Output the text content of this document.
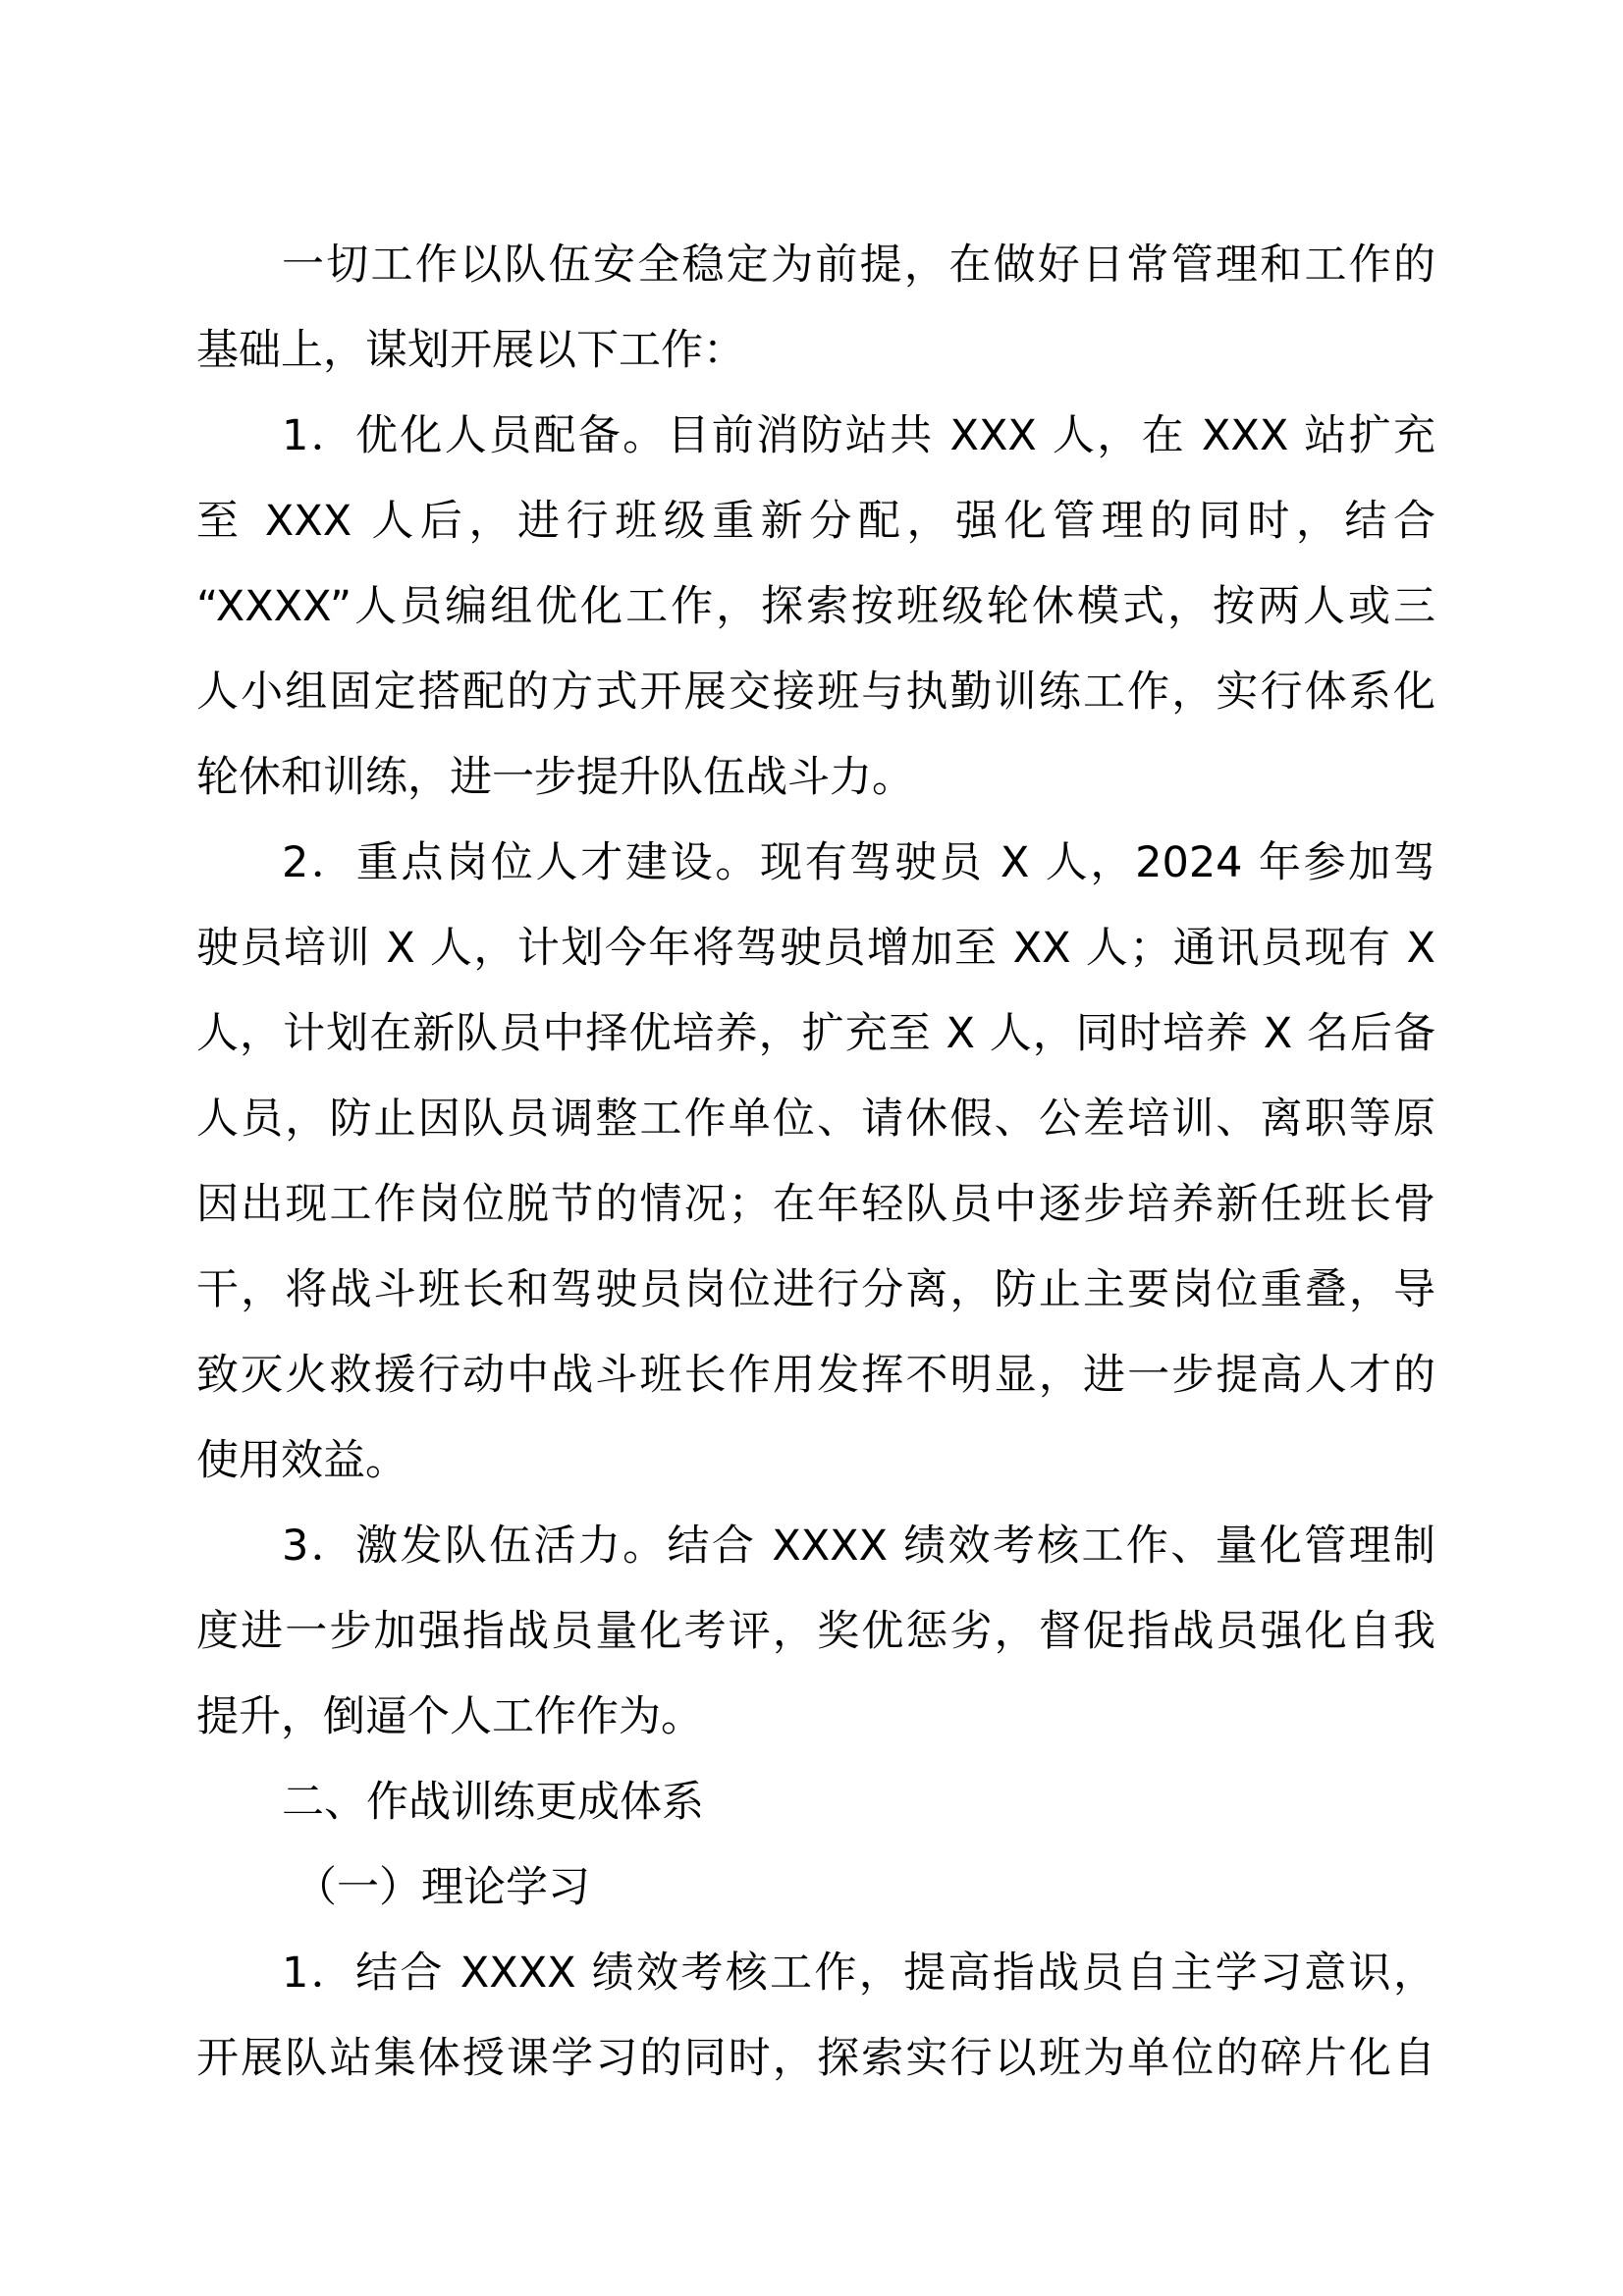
一切工作以队伍安全稳定为前提，在做好日常管理和工作的
基础上，谋划开展以下工作：
1．优化人员配备。目前消防站共 XXX 人，在 XXX 站扩充
至 XXX 人后，进行班级重新分配，强化管理的同时，结合
“XXXX”人员编组优化工作，探索按班级轮休模式，按两人或三
人小组固定搭配的方式开展交接班与执勤训练工作，实行体系化
轮休和训练，进一步提升队伍战斗力。
2．重点岗位人才建设。现有驾驶员 X 人，2024 年参加驾
驶员培训 X 人，计划今年将驾驶员增加至 XX 人；通讯员现有 X
人，计划在新队员中择优培养，扩充至 X 人，同时培养 X 名后备
人员，防止因队员调整工作单位、请休假、公差培训、离职等原
因出现工作岗位脱节的情况；在年轻队员中逐步培养新任班长骨
干，将战斗班长和驾驶员岗位进行分离，防止主要岗位重叠，导
致灭火救援行动中战斗班长作用发挥不明显，进一步提高人才的
使用效益。
3．激发队伍活力。结合 XXXX 绩效考核工作、量化管理制
度进一步加强指战员量化考评，奖优惩劣，督促指战员强化自我
提升，倒逼个人工作作为。
二、作战训练更成体系
（一）理论学习
1．结合 XXXX 绩效考核工作，提高指战员自主学习意识，
开展队站集体授课学习的同时，探索实行以班为单位的碎片化自
